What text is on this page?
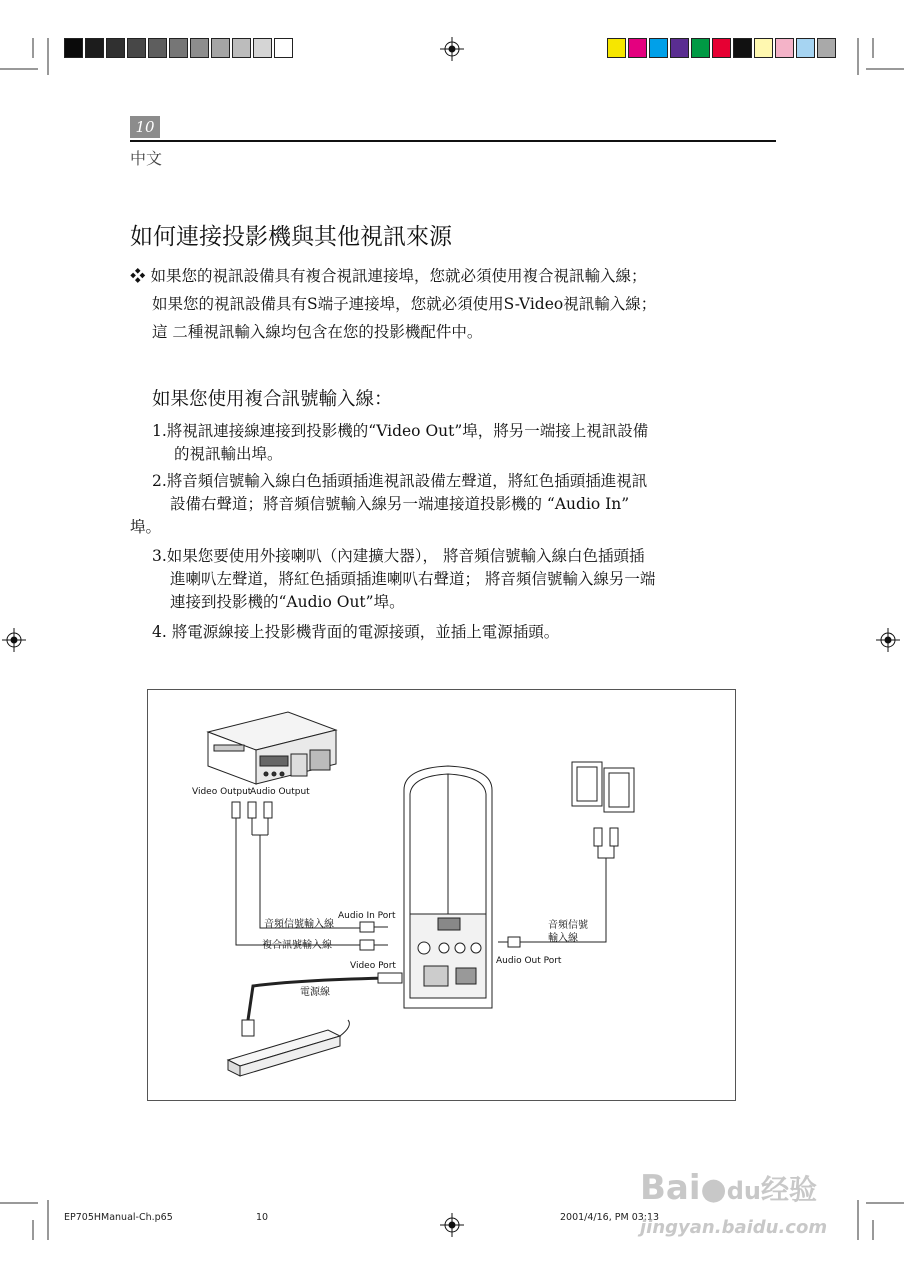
10
中文
如何連接投影機與其他視訊來源
❖ 如果您的視訊設備具有複合視訊連接埠，您就必須使用複合視訊輸入線；
如果您的視訊設備具有S端子連接埠，您就必須使用S-Video視訊輸入線；
這 二種視訊輸入線均包含在您的投影機配件中。
如果您使用複合訊號輸入線：
1.將視訊連接線連接到投影機的“Video Out”埠，將另一端接上視訊設備
的視訊輸出埠。
2.將音頻信號輸入線白色插頭插進視訊設備左聲道，將紅色插頭插進視訊
設備右聲道；將音頻信號輸入線另一端連接道投影機的 “Audio In”
埠。
3.如果您要使用外接喇叭（內建擴大器）， 將音頻信號輸入線白色插頭插
進喇叭左聲道，將紅色插頭插進喇叭右聲道； 將音頻信號輸入線另一端
連接到投影機的“Audio Out”埠。
4. 將電源線接上投影機背面的電源接頭，並插上電源插頭。
Video Output
Audio Output
Audio In Port
音頻信號輸入線
複合訊號輸入線
Video Port
電源線
音頻信號
輸入線
Audio Out Port
EP705HManual-Ch.p65	10	2001/4/16, PM 03:13
Bai●du经验
jingyan.baidu.com
